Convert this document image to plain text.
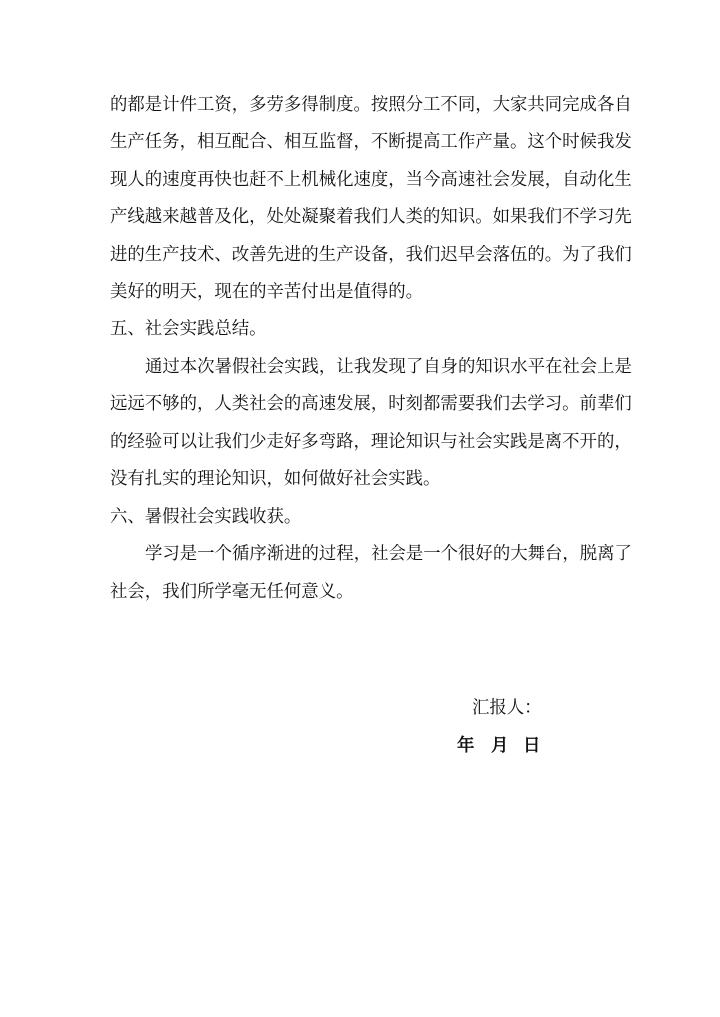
的都是计件工资，多劳多得制度。按照分工不同，大家共同完成各自
生产任务，相互配合、相互监督，不断提高工作产量。这个时候我发
现人的速度再快也赶不上机械化速度，当今高速社会发展，自动化生
产线越来越普及化，处处凝聚着我们人类的知识。如果我们不学习先
进的生产技术、改善先进的生产设备，我们迟早会落伍的。为了我们
美好的明天，现在的辛苦付出是值得的。
五、社会实践总结。
通过本次暑假社会实践，让我发现了自身的知识水平在社会上是
远远不够的，人类社会的高速发展，时刻都需要我们去学习。前辈们
的经验可以让我们少走好多弯路，理论知识与社会实践是离不开的，
没有扎实的理论知识，如何做好社会实践。
六、暑假社会实践收获。
学习是一个循序渐进的过程，社会是一个很好的大舞台，脱离了
社会，我们所学毫无任何意义。
汇报人：
年 月 日
